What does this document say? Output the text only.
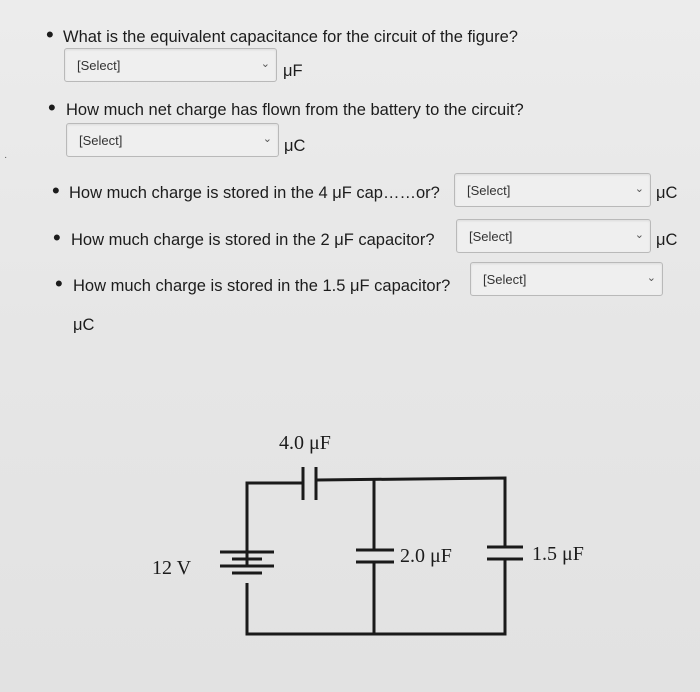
• What is the equivalent capacitance for the circuit of the figure?
[Select]	⌄ μF
• How much net charge has flown from the battery to the circuit?
[Select]	⌄ μC
·
• How much charge is stored in the 4 μF cap……or? [Select]	⌄ μC
• How much charge is stored in the 2 μF capacitor?	[Select]	⌄ μC
• How much charge is stored in the 1.5 μF capacitor?	[Select]	⌄
μC
4.0 μF
12 V
2.0 μF	1.5 μF
